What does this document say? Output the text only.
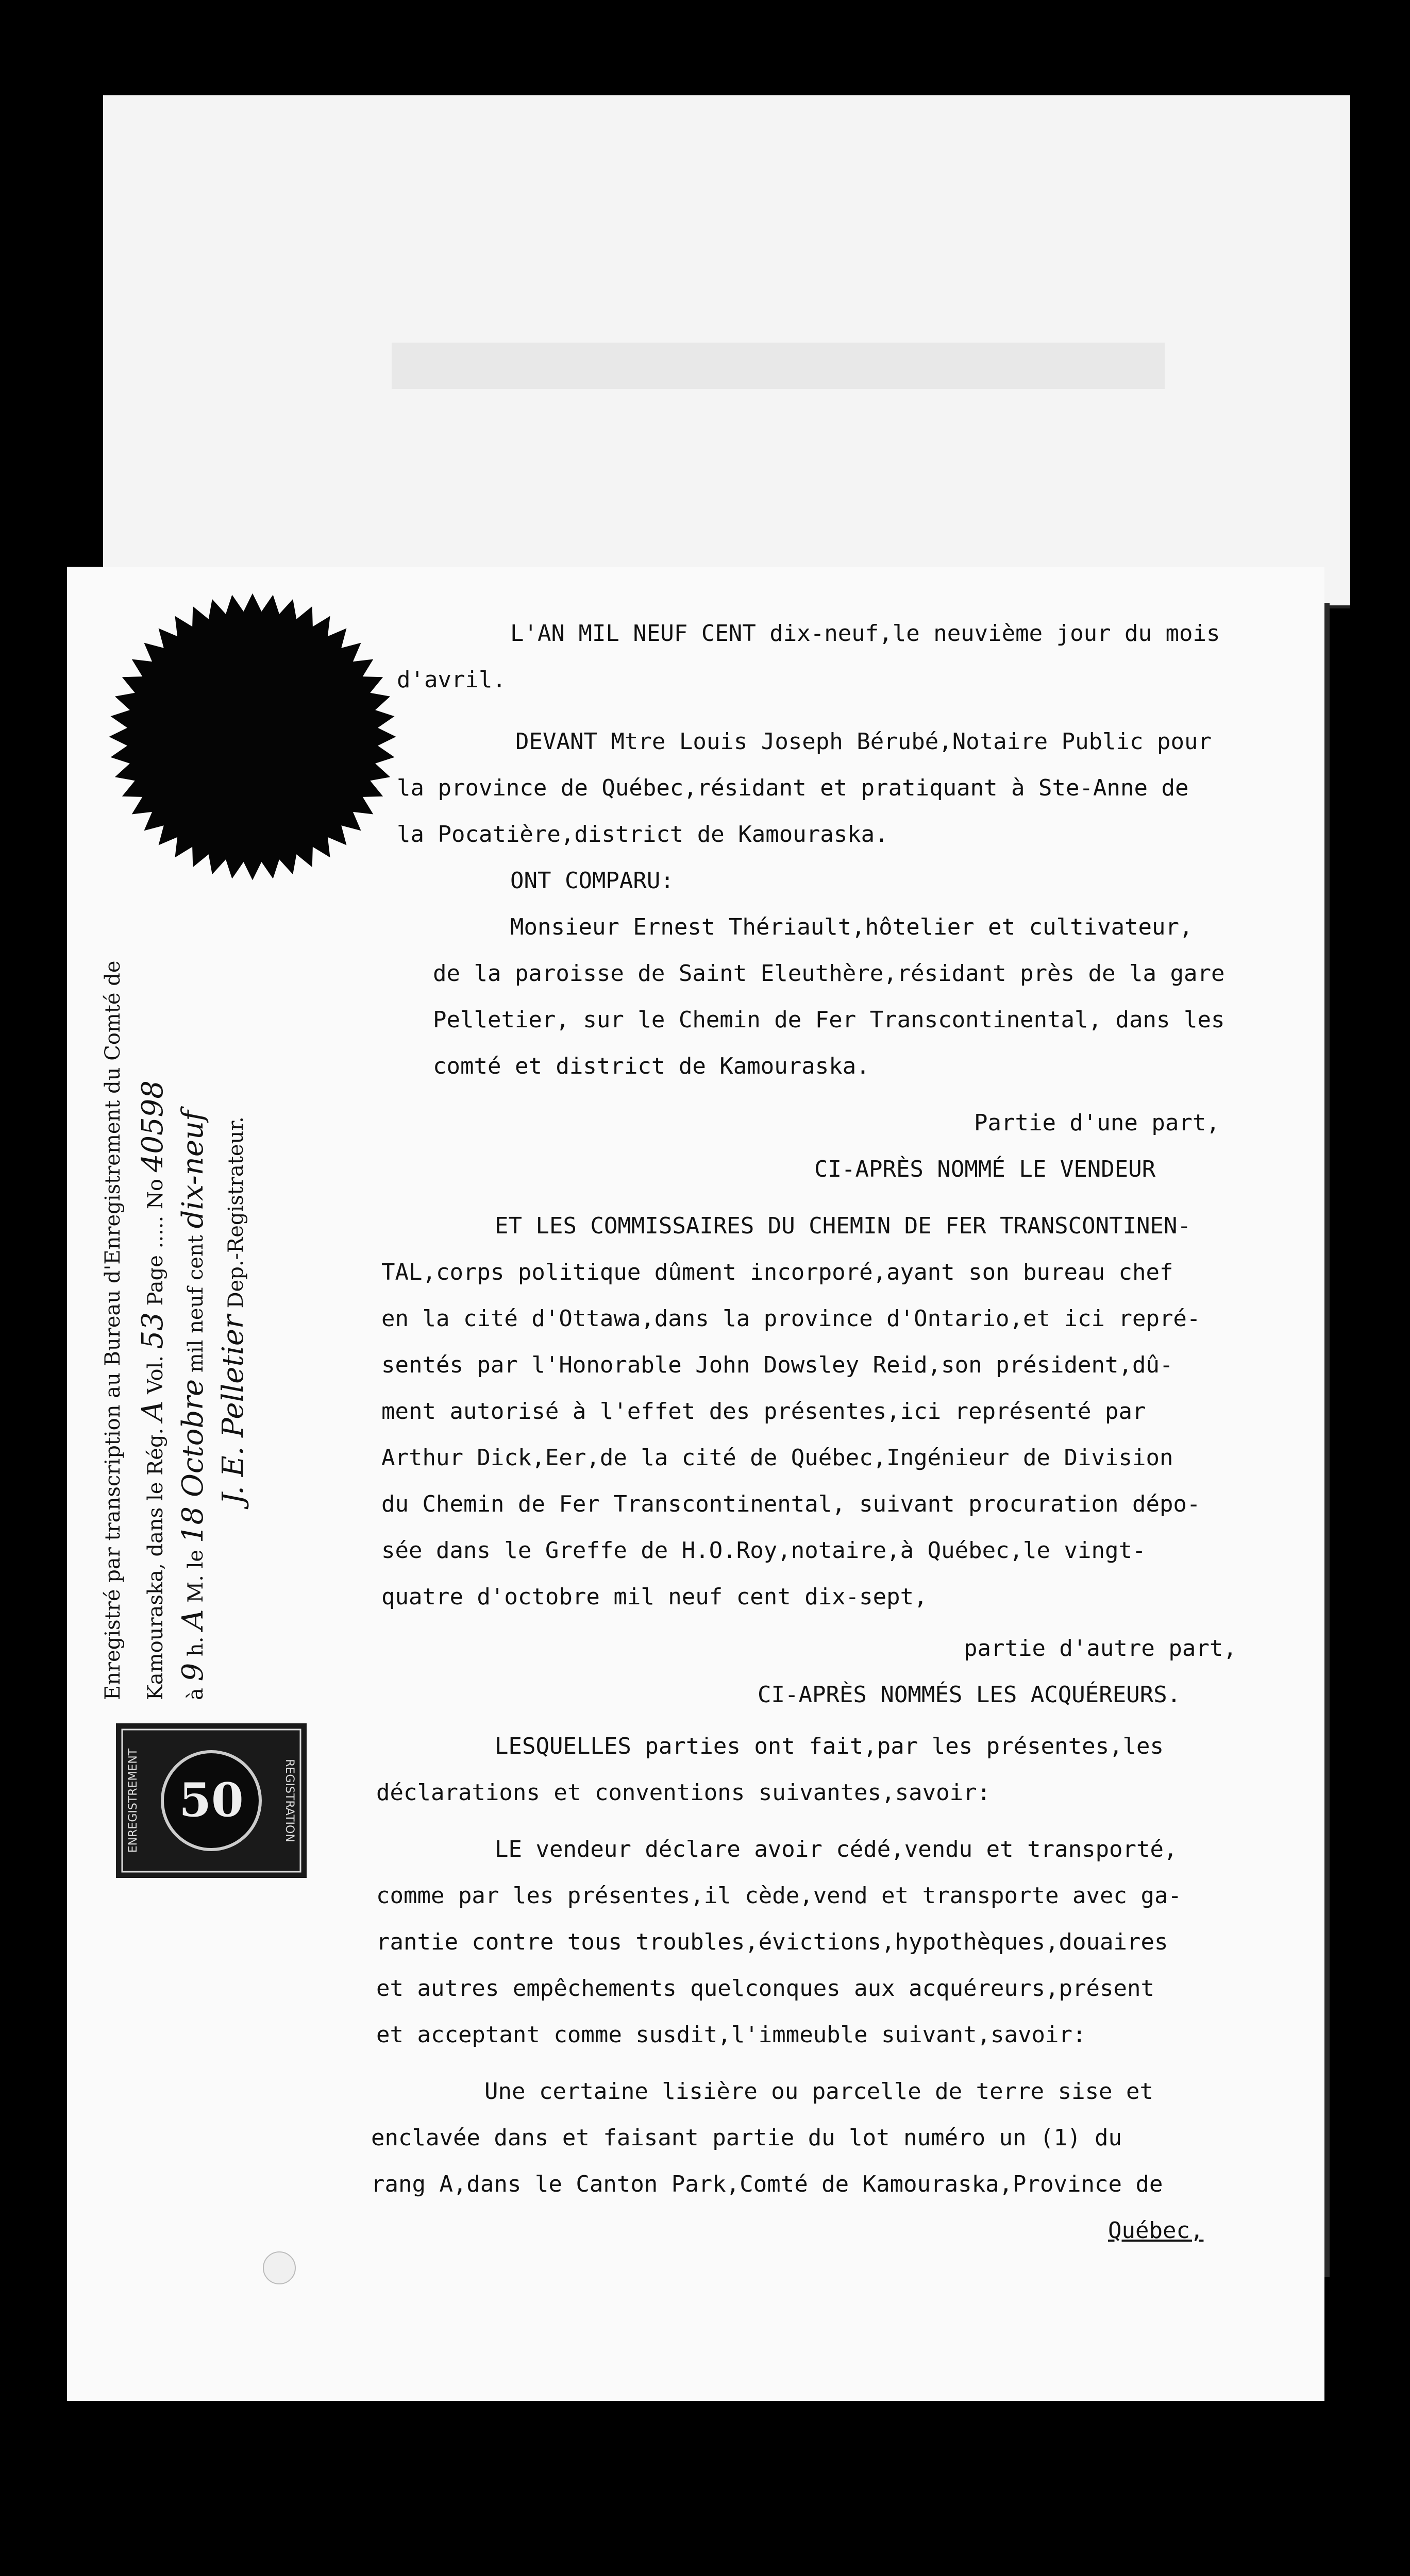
50
ENREGISTREMENT	REGISTRATION
Enregistré par transcription au Bureau d'Enregistrement du Comté de Kamouraska, dans le Rég. A Vol. 53 Page ..... No 40598
à 9 h. A M. le 18 Octobre mil neuf cent dix-neuf
J. E. Pelletier Dep.-Registrateur.
L'AN MIL NEUF CENT dix-neuf,le neuvième jour du mois
d'avril.
DEVANT Mtre Louis Joseph Bérubé,Notaire Public pour
la province de Québec,résidant et pratiquant à Ste-Anne de
la Pocatière,district de Kamouraska.
ONT COMPARU:
Monsieur Ernest Thériault,hôtelier et cultivateur,
de la paroisse de Saint Eleuthère,résidant près de la gare
Pelletier, sur le Chemin de Fer Transcontinental, dans les
comté et district de Kamouraska.
Partie d'une part,
CI-APRÈS NOMMÉ LE VENDEUR
ET LES COMMISSAIRES DU CHEMIN DE FER TRANSCONTINEN-
TAL,corps politique dûment incorporé,ayant son bureau chef
en la cité d'Ottawa,dans la province d'Ontario,et ici repré-
sentés par l'Honorable John Dowsley Reid,son président,dû-
ment autorisé à l'effet des présentes,ici représenté par
Arthur Dick,Eer,de la cité de Québec,Ingénieur de Division
du Chemin de Fer Transcontinental, suivant procuration dépo-
sée dans le Greffe de H.O.Roy,notaire,à Québec,le vingt-
quatre d'octobre mil neuf cent dix-sept,
partie d'autre part,
CI-APRÈS NOMMÉS LES ACQUÉREURS.
LESQUELLES parties ont fait,par les présentes,les
déclarations et conventions suivantes,savoir:
LE vendeur déclare avoir cédé,vendu et transporté,
comme par les présentes,il cède,vend et transporte avec ga-
rantie contre tous troubles,évictions,hypothèques,douaires
et autres empêchements quelconques aux acquéreurs,présent
et acceptant comme susdit,l'immeuble suivant,savoir:
Une certaine lisière ou parcelle de terre sise et
enclavée dans et faisant partie du lot numéro un (1) du
rang A,dans le Canton Park,Comté de Kamouraska,Province de
Québec,
